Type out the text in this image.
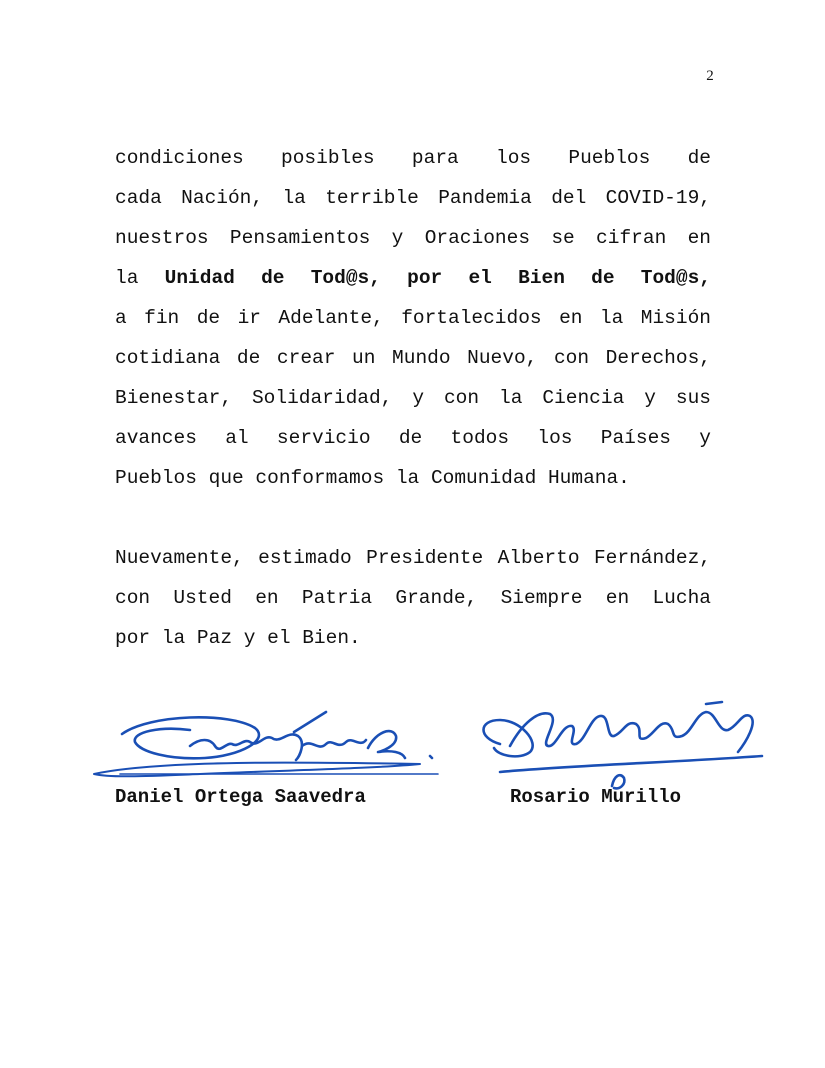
2
condiciones posibles para los Pueblos de
cada Nación, la terrible Pandemia del COVID-19,
nuestros Pensamientos y Oraciones se cifran en
la Unidad de Tod@s, por el Bien de Tod@s,
a fin de ir Adelante, fortalecidos en la Misión
cotidiana de crear un Mundo Nuevo, con Derechos,
Bienestar, Solidaridad, y con la Ciencia y sus
avances al servicio de todos los Países y
Pueblos que conformamos la Comunidad Humana.
Nuevamente, estimado Presidente Alberto Fernández,
con Usted en Patria Grande, Siempre en Lucha
por la Paz y el Bien.
Daniel Ortega Saavedra	Rosario Murillo
